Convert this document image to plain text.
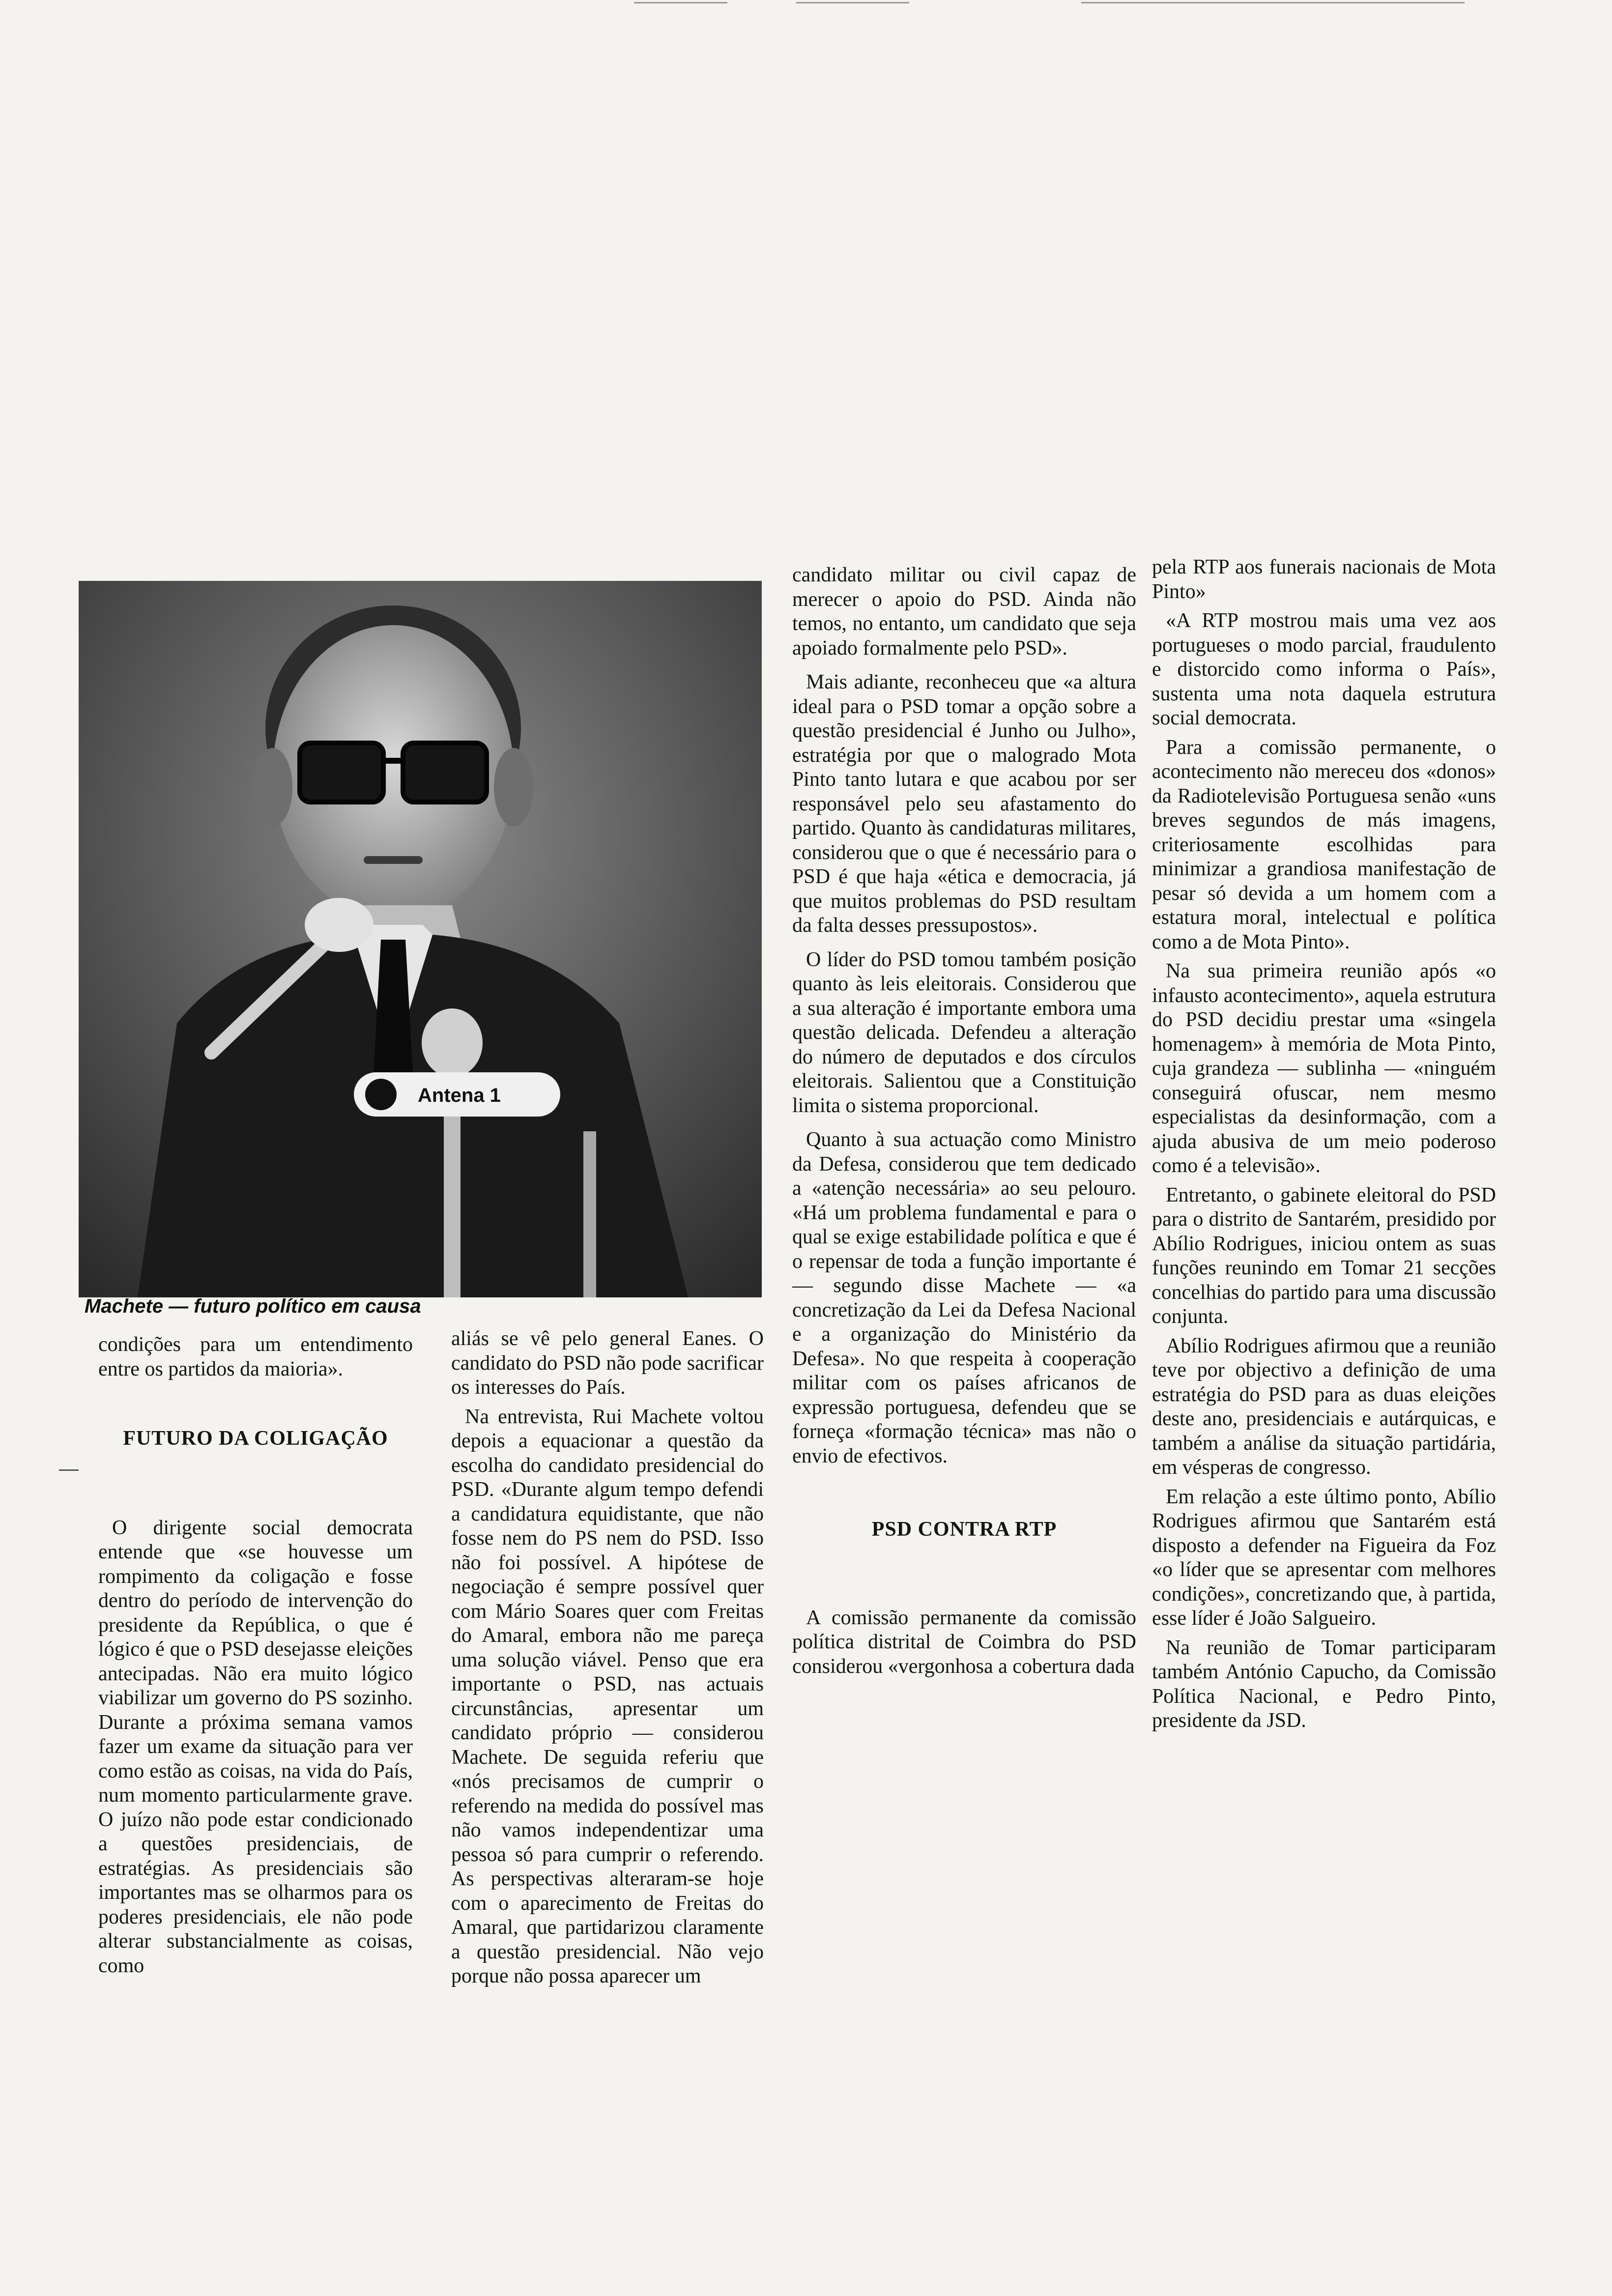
Antena 1
Machete — futuro político em causa

condições para um entendimento entre os partidos da maioria».

FUTURO DA COLIGAÇÃO

O dirigente social democrata entende que «se houvesse um rompimento da coligação e fosse dentro do período de intervenção do presidente da República, o que é lógico é que o PSD desejasse eleições antecipadas. Não era muito lógico viabilizar um governo do PS sozinho. Durante a próxima semana vamos fazer um exame da situação para ver como estão as coisas, na vida do País, num momento particularmente grave. O juízo não pode estar condicionado a questões presidenciais, de estratégias. As presidenciais são importantes mas se olharmos para os poderes presidenciais, ele não pode alterar substancialmente as coisas, como

aliás se vê pelo general Eanes. O candidato do PSD não pode sacrificar os interesses do País.

Na entrevista, Rui Machete voltou depois a equacionar a questão da escolha do candidato presidencial do PSD. «Durante algum tempo defendi a candidatura equidistante, que não fosse nem do PS nem do PSD. Isso não foi possível. A hipótese de negociação é sempre possível quer com Mário Soares quer com Freitas do Amaral, embora não me pareça uma solução viável. Penso que era importante o PSD, nas actuais circunstâncias, apresentar um candidato próprio — considerou Machete. De seguida referiu que «nós precisamos de cumprir o referendo na medida do possível mas não vamos independentizar uma pessoa só para cumprir o referendo. As perspectivas alteraram-se hoje com o aparecimento de Freitas do Amaral, que partidarizou claramente a questão presidencial. Não vejo porque não possa aparecer um

candidato militar ou civil capaz de merecer o apoio do PSD. Ainda não temos, no entanto, um candidato que seja apoiado formalmente pelo PSD».

Mais adiante, reconheceu que «a altura ideal para o PSD tomar a opção sobre a questão presidencial é Junho ou Julho», estratégia por que o malogrado Mota Pinto tanto lutara e que acabou por ser responsável pelo seu afastamento do partido. Quanto às candidaturas militares, considerou que o que é necessário para o PSD é que haja «ética e democracia, já que muitos problemas do PSD resultam da falta desses pressupostos».

O líder do PSD tomou também posição quanto às leis eleitorais. Considerou que a sua alteração é importante embora uma questão delicada. Defendeu a alteração do número de deputados e dos círculos eleitorais. Salientou que a Constituição limita o sistema proporcional.

Quanto à sua actuação como Ministro da Defesa, considerou que tem dedicado a «atenção necessária» ao seu pelouro. «Há um problema fundamental e para o qual se exige estabilidade política e que é o repensar de toda a função importante é — segundo disse Machete — «a concretização da Lei da Defesa Nacional e a organização do Ministério da Defesa». No que respeita à cooperação militar com os países africanos de expressão portuguesa, defendeu que se forneça «formação técnica» mas não o envio de efectivos.

PSD CONTRA RTP

A comissão permanente da comissão política distrital de Coimbra do PSD considerou «vergonhosa a cobertura dada

pela RTP aos funerais nacionais de Mota Pinto»

«A RTP mostrou mais uma vez aos portugueses o modo parcial, fraudulento e distorcido como informa o País», sustenta uma nota daquela estrutura social democrata.

Para a comissão permanente, o acontecimento não mereceu dos «donos» da Radiotelevisão Portuguesa senão «uns breves segundos de más imagens, criteriosamente escolhidas para minimizar a grandiosa manifestação de pesar só devida a um homem com a estatura moral, intelectual e política como a de Mota Pinto».

Na sua primeira reunião após «o infausto acontecimento», aquela estrutura do PSD decidiu prestar uma «singela homenagem» à memória de Mota Pinto, cuja grandeza — sublinha — «ninguém conseguirá ofuscar, nem mesmo especialistas da desinformação, com a ajuda abusiva de um meio poderoso como é a televisão».

Entretanto, o gabinete eleitoral do PSD para o distrito de Santarém, presidido por Abílio Rodrigues, iniciou ontem as suas funções reunindo em Tomar 21 secções concelhias do partido para uma discussão conjunta.

Abílio Rodrigues afirmou que a reunião teve por objectivo a definição de uma estratégia do PSD para as duas eleições deste ano, presidenciais e autárquicas, e também a análise da situação partidária, em vésperas de congresso.

Em relação a este último ponto, Abílio Rodrigues afirmou que Santarém está disposto a defender na Figueira da Foz «o líder que se apresentar com melhores condições», concretizando que, à partida, esse líder é João Salgueiro.

Na reunião de Tomar participaram também António Capucho, da Comissão Política Nacional, e Pedro Pinto, presidente da JSD.
